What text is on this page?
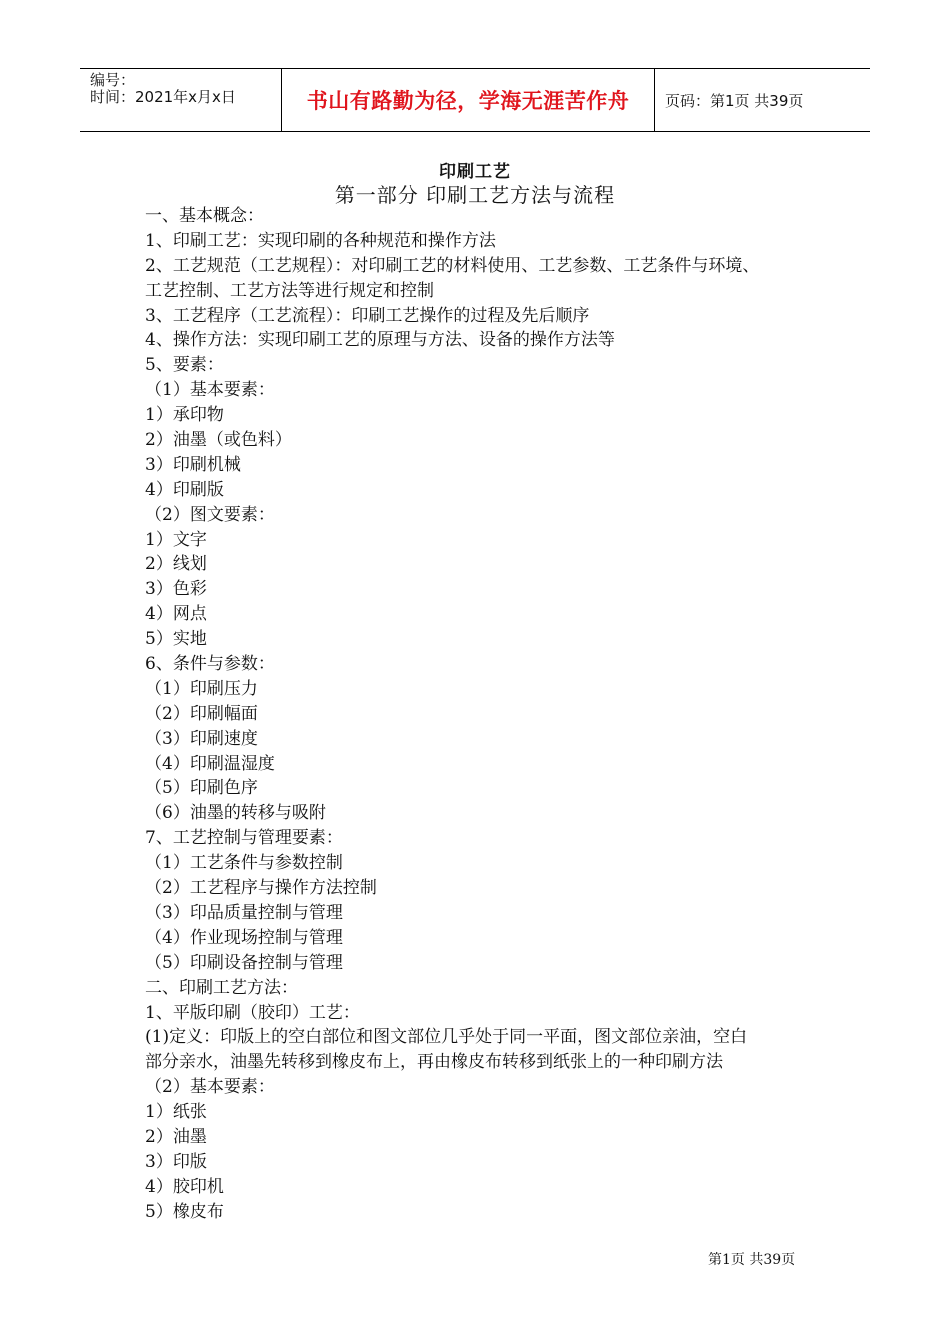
编号：
时间：2021年x月x日	书山有路勤为径，学海无涯苦作舟	页码：第1页 共39页
印刷工艺
第一部分 印刷工艺方法与流程
一、基本概念：
1、印刷工艺：实现印刷的各种规范和操作方法
2、工艺规范（工艺规程）：对印刷工艺的材料使用、工艺参数、工艺条件与环境、
工艺控制、工艺方法等进行规定和控制
3、工艺程序（工艺流程）：印刷工艺操作的过程及先后顺序
4、操作方法：实现印刷工艺的原理与方法、设备的操作方法等
5、要素：
（1）基本要素：
1）承印物
2）油墨（或色料）
3）印刷机械
4）印刷版
（2）图文要素：
1）文字
2）线划
3）色彩
4）网点
5）实地
6、条件与参数：
（1）印刷压力
（2）印刷幅面
（3）印刷速度
（4）印刷温湿度
（5）印刷色序
（6）油墨的转移与吸附
7、工艺控制与管理要素：
（1）工艺条件与参数控制
（2）工艺程序与操作方法控制
（3）印品质量控制与管理
（4）作业现场控制与管理
（5）印刷设备控制与管理
二、印刷工艺方法：
1、平版印刷（胶印）工艺：
(1)定义：印版上的空白部位和图文部位几乎处于同一平面，图文部位亲油，空白
部分亲水，油墨先转移到橡皮布上，再由橡皮布转移到纸张上的一种印刷方法
（2）基本要素：
1）纸张
2）油墨
3）印版
4）胶印机
5）橡皮布
第1页 共39页
